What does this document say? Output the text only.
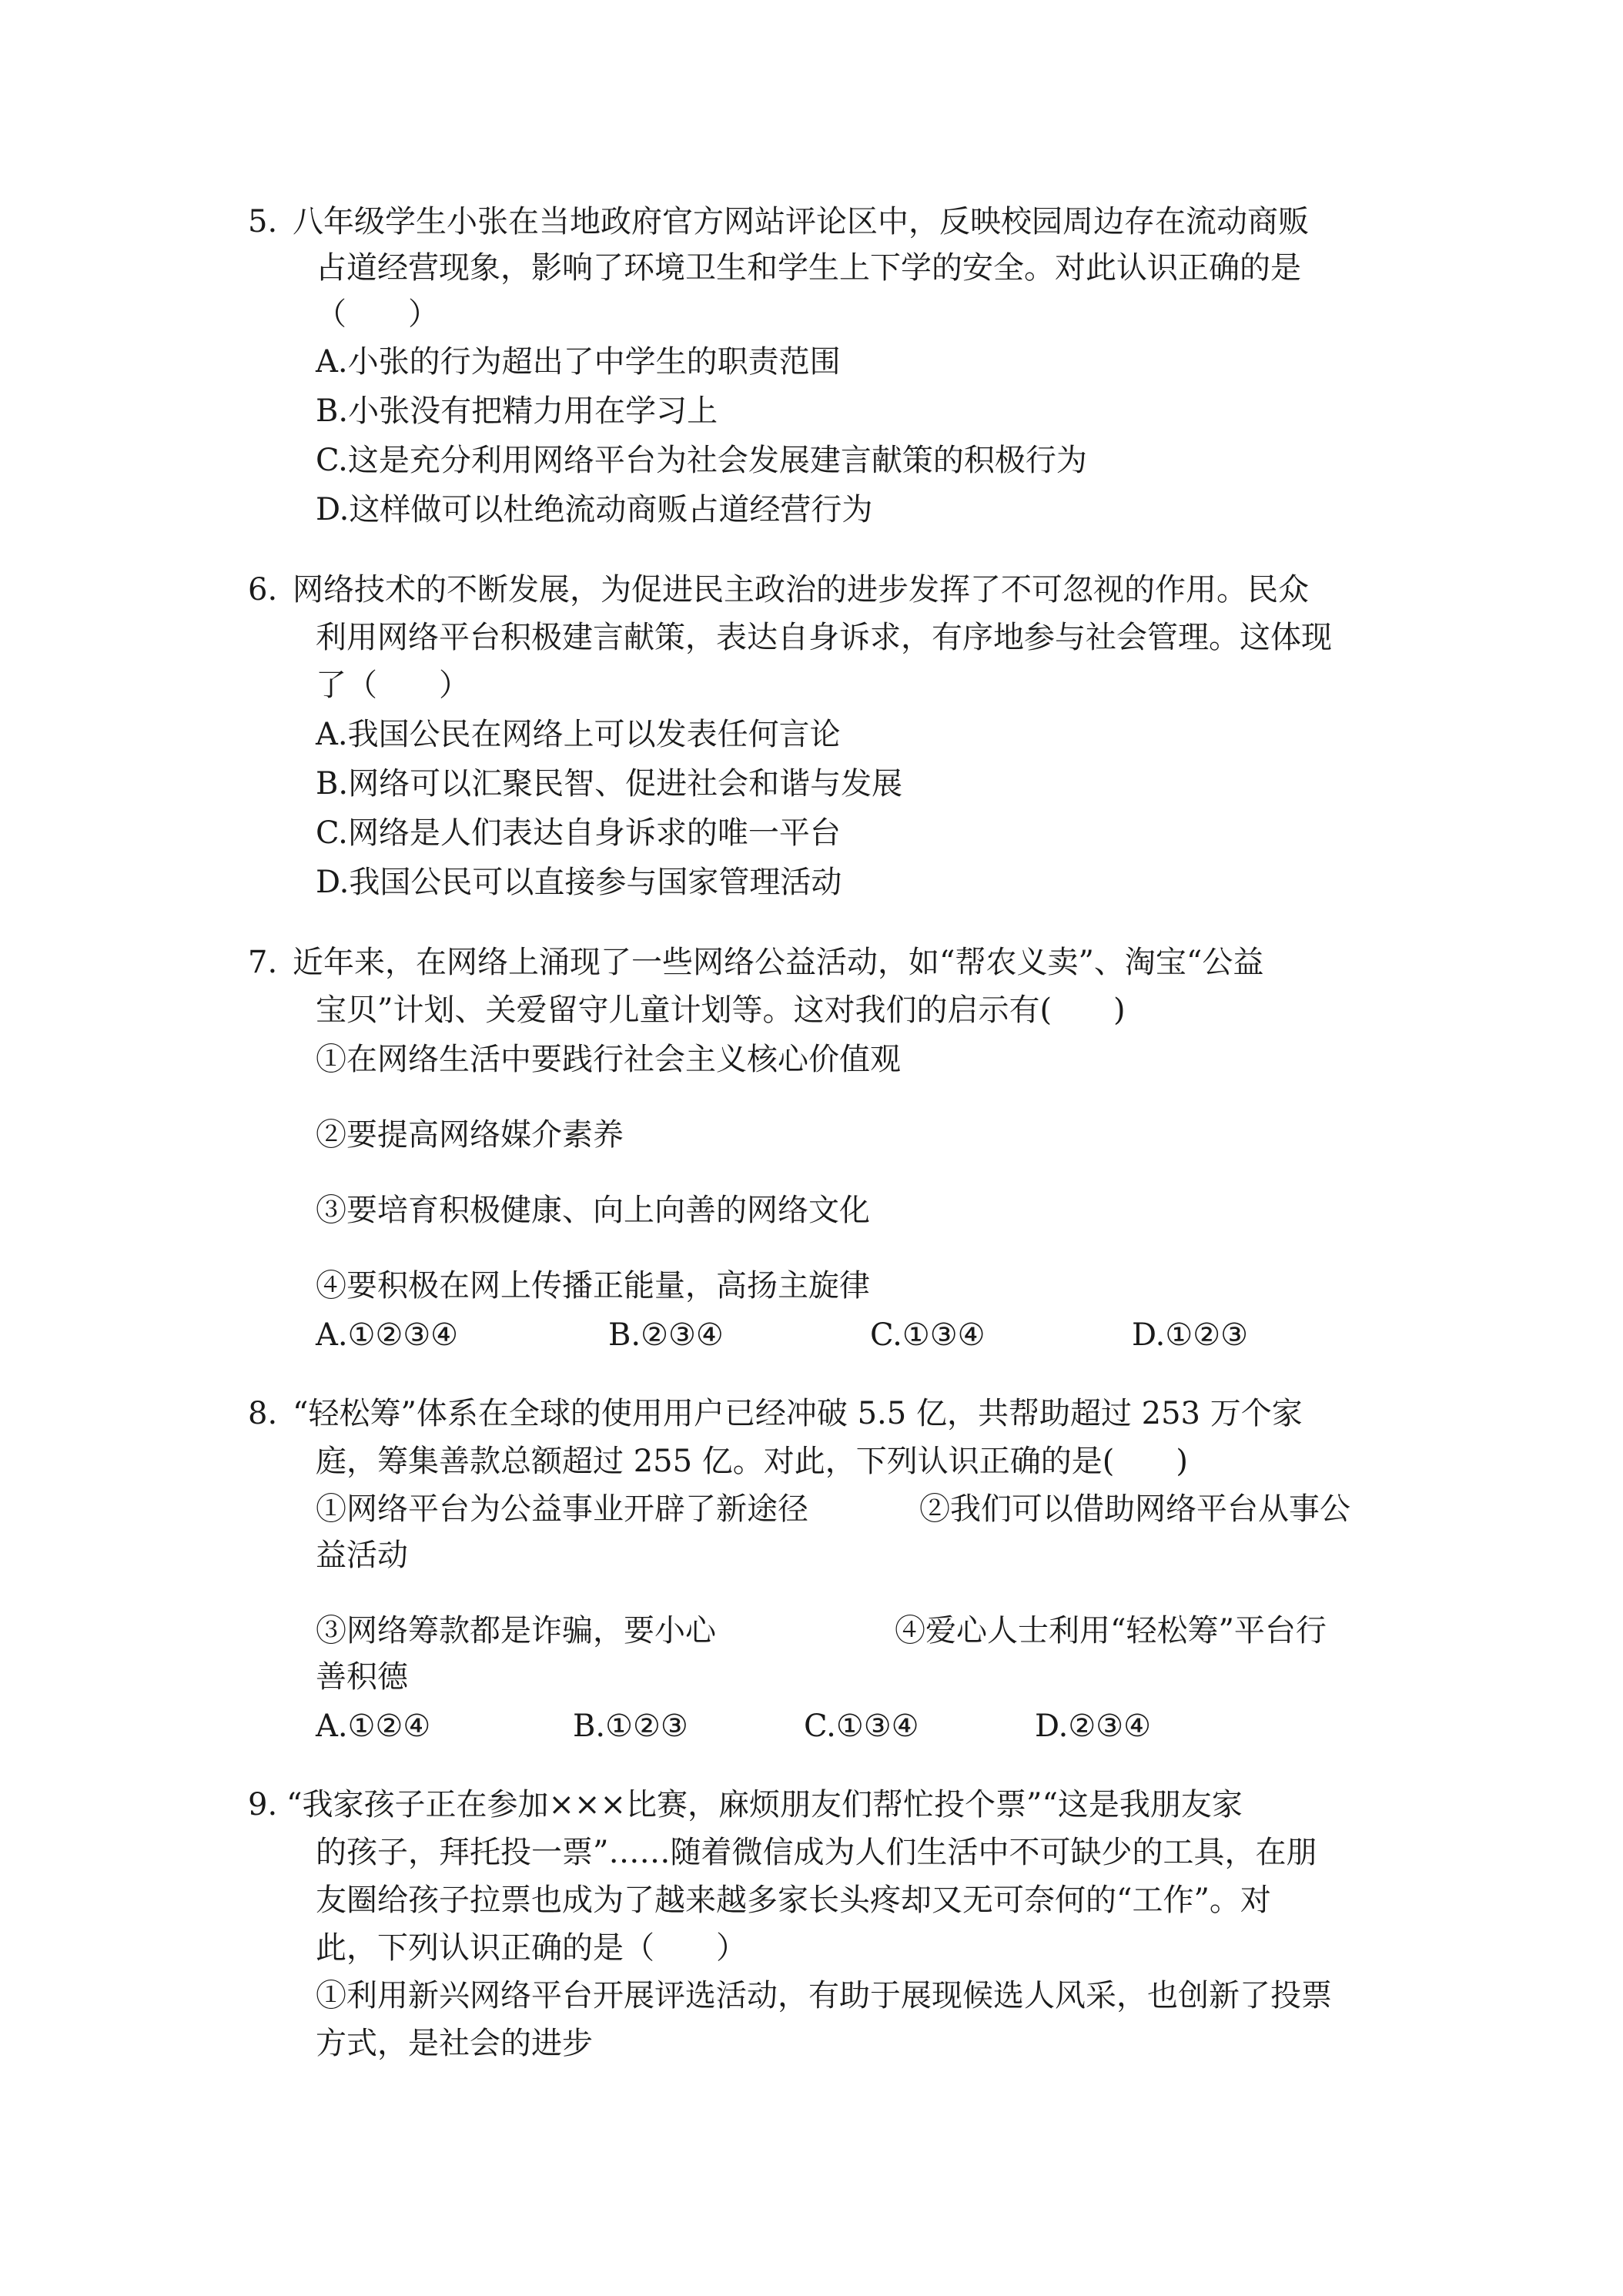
5. 八年级学生小张在当地政府官方网站评论区中，反映校园周边存在流动商贩
占道经营现象，影响了环境卫生和学生上下学的安全。对此认识正确的是
（　　）
A.小张的行为超出了中学生的职责范围
B.小张没有把精力用在学习上
C.这是充分利用网络平台为社会发展建言献策的积极行为
D.这样做可以杜绝流动商贩占道经营行为
6. 网络技术的不断发展，为促进民主政治的进步发挥了不可忽视的作用。民众
利用网络平台积极建言献策，表达自身诉求，有序地参与社会管理。这体现
了（　　）
A.我国公民在网络上可以发表任何言论
B.网络可以汇聚民智、促进社会和谐与发展
C.网络是人们表达自身诉求的唯一平台
D.我国公民可以直接参与国家管理活动
7. 近年来，在网络上涌现了一些网络公益活动，如“帮农义卖”、淘宝“公益
宝贝”计划、关爱留守儿童计划等。这对我们的启示有(　　)
①在网络生活中要践行社会主义核心价值观
②要提高网络媒介素养
③要培育积极健康、向上向善的网络文化
④要积极在网上传播正能量，高扬主旋律
A.①②③④	B.②③④	C.①③④	D.①②③
8. “轻松筹”体系在全球的使用用户已经冲破 5.5 亿，共帮助超过 253 万个家
庭，筹集善款总额超过 255 亿。对此，下列认识正确的是(　　)
①网络平台为公益事业开辟了新途径	②我们可以借助网络平台从事公
益活动
③网络筹款都是诈骗，要小心	④爱心人士利用“轻松筹”平台行
善积德
A.①②④	B.①②③	C.①③④	D.②③④
9. “我家孩子正在参加×××比赛，麻烦朋友们帮忙投个票”“这是我朋友家
的孩子，拜托投一票”……随着微信成为人们生活中不可缺少的工具，在朋
友圈给孩子拉票也成为了越来越多家长头疼却又无可奈何的“工作”。对
此，下列认识正确的是（　　）
①利用新兴网络平台开展评选活动，有助于展现候选人风采，也创新了投票
方式，是社会的进步
